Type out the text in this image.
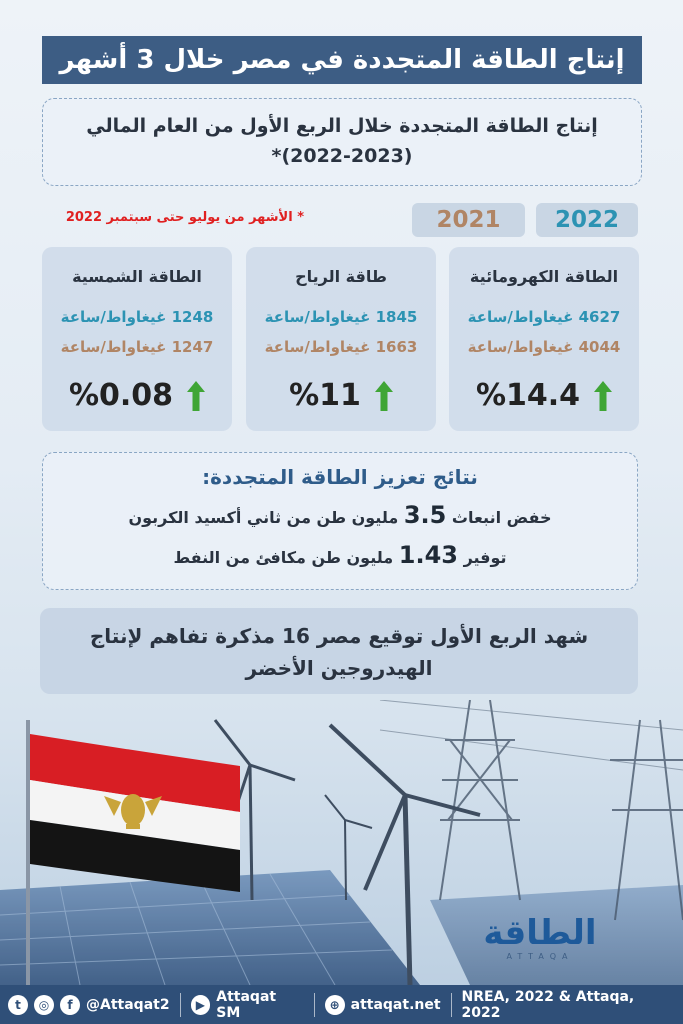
إنتاج الطاقة المتجددة في مصر خلال 3 أشهر
إنتاج الطاقة المتجددة خلال الربع الأول من العام المالي
(2022-2023)*
2022
2021
* الأشهر من يوليو حتى سبتمبر 2022
الطاقة الكهرومائية
4627 غيغاواط/ساعة
4044 غيغاواط/ساعة
%14.4
طاقة الرياح
1845 غيغاواط/ساعة
1663 غيغاواط/ساعة
%11
الطاقة الشمسية
1248 غيغاواط/ساعة
1247 غيغاواط/ساعة
%0.08
نتائج تعزيز الطاقة المتجددة:
خفض انبعاث 3.5 مليون طن من ثاني أكسيد الكربون
توفير 1.43 مليون طن مكافئ من النفط
شهد الربع الأول توقيع مصر 16 مذكرة تفاهم لإنتاج
الهيدروجين الأخضر
الطاقة
ATTAQA
t	◎	f @Attaqat2	▶ Attaqat SM	⊕ attaqat.net NREA, 2022 & Attaqa, 2022
